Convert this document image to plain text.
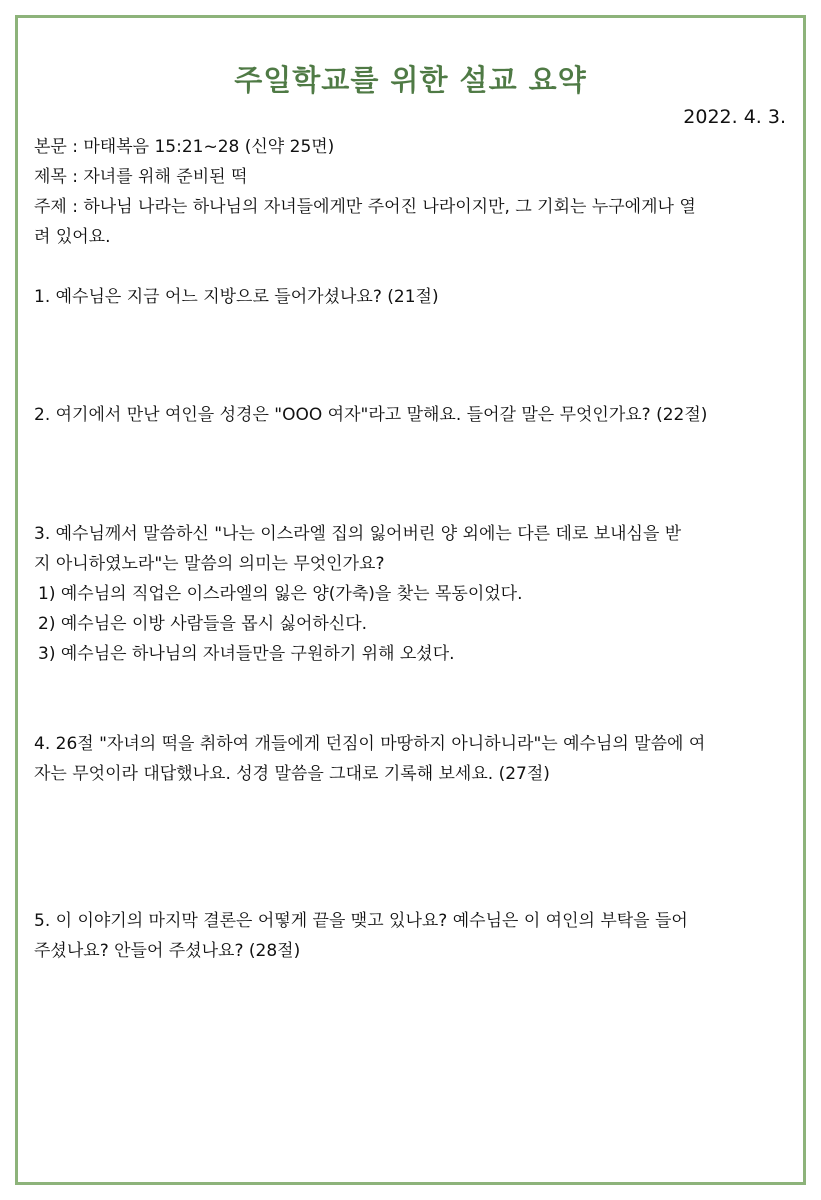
주일학교를 위한 설교 요약
2022. 4. 3.
본문 : 마태복음 15:21~28 (신약 25면)
제목 : 자녀를 위해 준비된 떡
주제 : 하나님 나라는 하나님의 자녀들에게만 주어진 나라이지만, 그 기회는 누구에게나 열
려 있어요.
1. 예수님은 지금 어느 지방으로 들어가셨나요? (21절)
2. 여기에서 만난 여인을 성경은 "OOO 여자"라고 말해요. 들어갈 말은 무엇인가요? (22절)
3. 예수님께서 말씀하신 "나는 이스라엘 집의 잃어버린 양 외에는 다른 데로 보내심을 받
지 아니하였노라"는 말씀의 의미는 무엇인가요?
1) 예수님의 직업은 이스라엘의 잃은 양(가축)을 찾는 목동이었다.
2) 예수님은 이방 사람들을 몹시 싫어하신다.
3) 예수님은 하나님의 자녀들만을 구원하기 위해 오셨다.
4. 26절 "자녀의 떡을 취하여 개들에게 던짐이 마땅하지 아니하니라"는 예수님의 말씀에 여
자는 무엇이라 대답했나요. 성경 말씀을 그대로 기록해 보세요. (27절)
5. 이 이야기의 마지막 결론은 어떻게 끝을 맺고 있나요? 예수님은 이 여인의 부탁을 들어
주셨나요? 안들어 주셨나요? (28절)
